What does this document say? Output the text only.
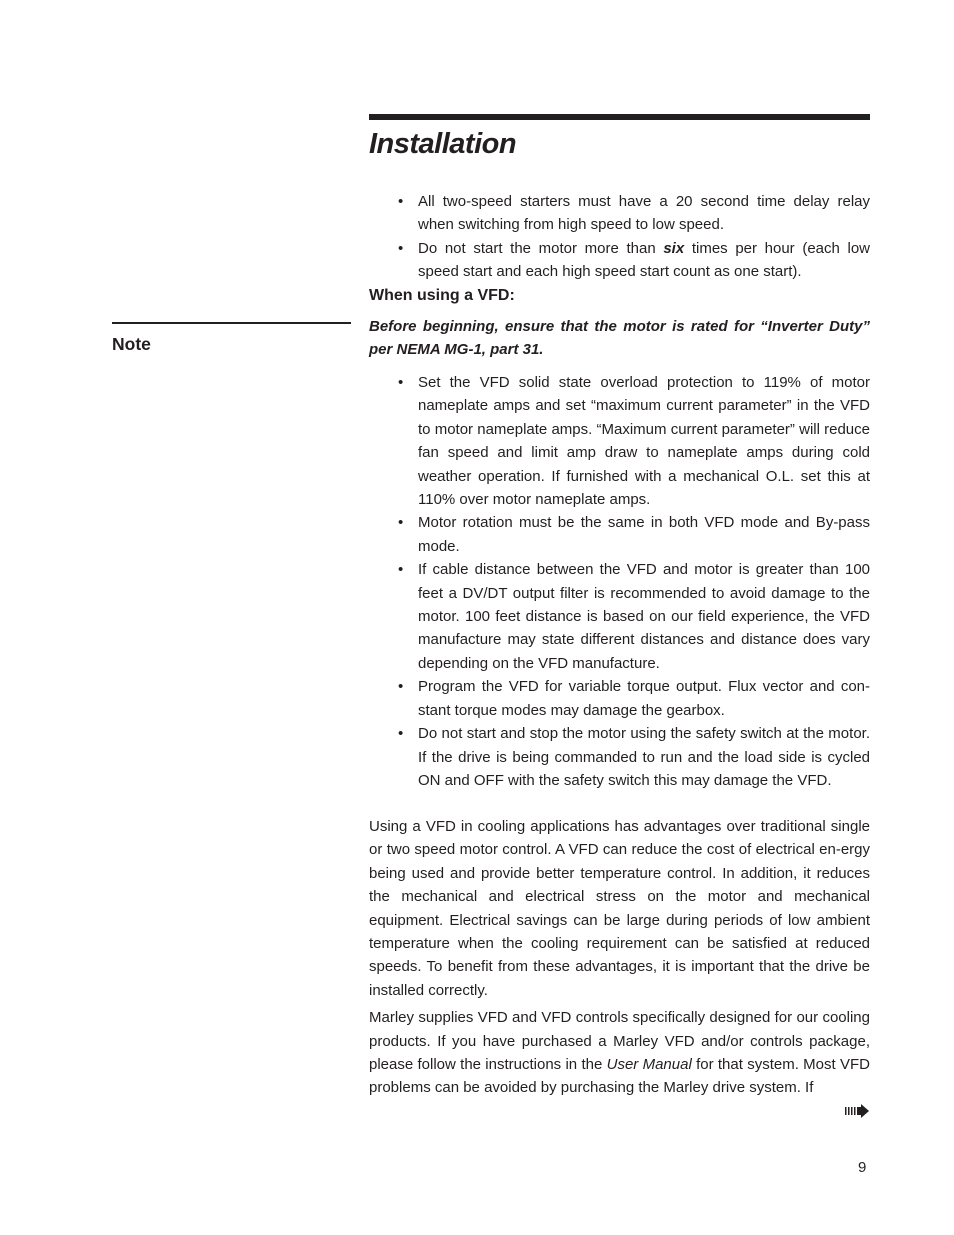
Installation
• All two-speed starters must have a 20 second time delay relay when switching from high speed to low speed.
• Do not start the motor more than six times per hour (each low speed start and each high speed start count as one start).
When using a VFD:
Note
Before beginning, ensure that the motor is rated for “Inverter Duty” per NEMA MG-1, part 31.
• Set the VFD solid state overload protection to 119% of motor nameplate amps and set “maximum current parameter” in the VFD to motor nameplate amps. “Maximum current parameter” will reduce fan speed and limit amp draw to nameplate amps during cold weather operation. If furnished with a mechanical O.L. set this at 110% over motor nameplate amps.
• Motor rotation must be the same in both VFD mode and By-pass mode.
• If cable distance between the VFD and motor is greater than 100 feet a DV/DT output filter is recommended to avoid damage to the motor. 100 feet distance is based on our field experience, the VFD manufacture may state different distances and distance does vary depending on the VFD manufacture.
• Program the VFD for variable torque output. Flux vector and con-stant torque modes may damage the gearbox.
• Do not start and stop the motor using the safety switch at the motor. If the drive is being commanded to run and the load side is cycled ON and OFF with the safety switch this may damage the VFD.

Using a VFD in cooling applications has advantages over traditional single or two speed motor control. A VFD can reduce the cost of electrical en-ergy being used and provide better temperature control. In addition, it reduces the mechanical and electrical stress on the motor and mechanical equipment. Electrical savings can be large during periods of low ambient temperature when the cooling requirement can be satisfied at reduced speeds. To benefit from these advantages, it is important that the drive be installed correctly.

Marley supplies VFD and VFD controls specifically designed for our cooling products. If you have purchased a Marley VFD and/or controls package, please follow the instructions in the User Manual for that system. Most VFD problems can be avoided by purchasing the Marley drive system. If

9
